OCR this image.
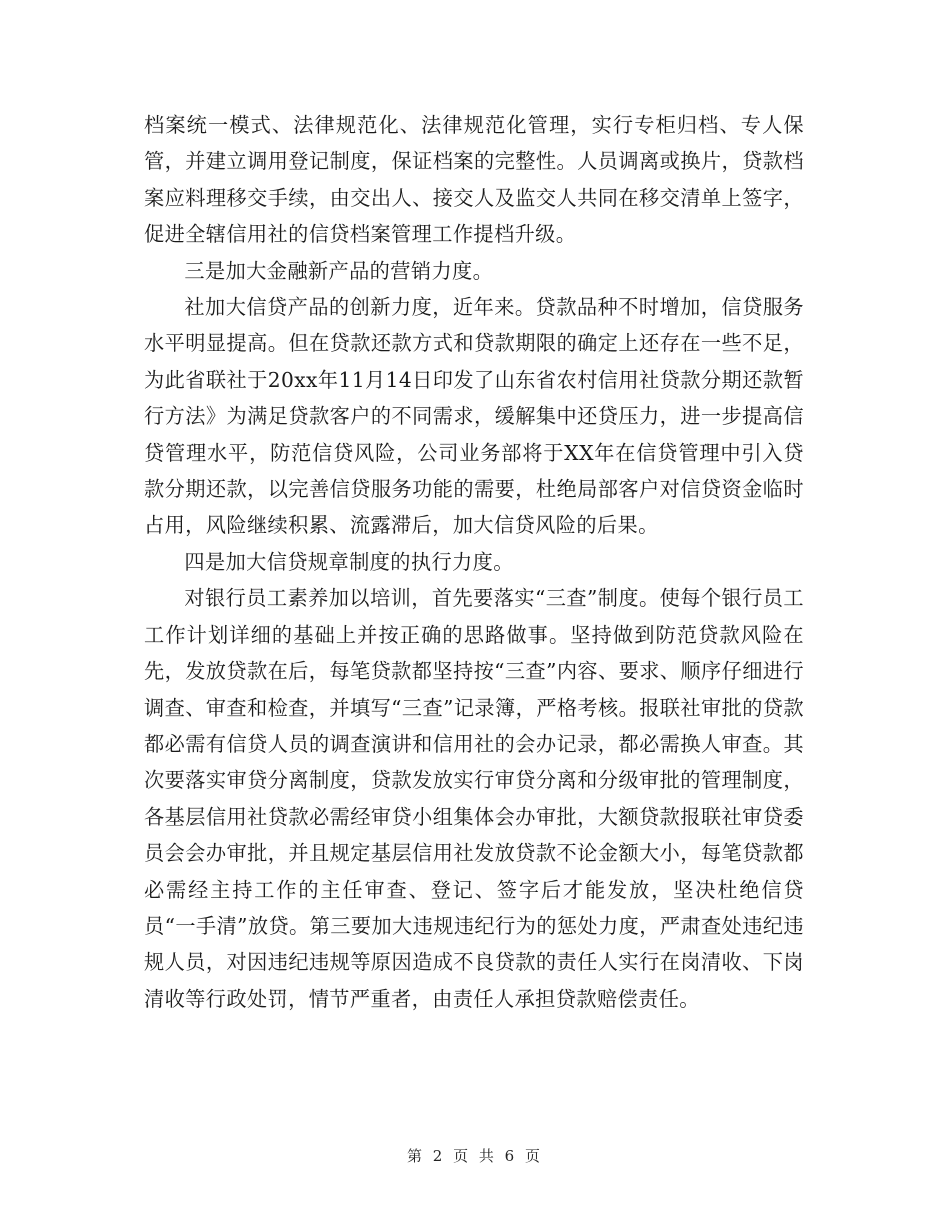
档案统一模式、法律规范化、法律规范化管理，实行专柜归档、专人保管，并建立调用登记制度，保证档案的完整性。人员调离或换片，贷款档案应料理移交手续，由交出人、接交人及监交人共同在移交清单上签字，促进全辖信用社的信贷档案管理工作提档升级。

三是加大金融新产品的营销力度。

社加大信贷产品的创新力度，近年来。贷款品种不时增加，信贷服务水平明显提高。但在贷款还款方式和贷款期限的确定上还存在一些不足，为此省联社于20xx年11月14日印发了山东省农村信用社贷款分期还款暂行方法》为满足贷款客户的不同需求，缓解集中还贷压力，进一步提高信贷管理水平，防范信贷风险，公司业务部将于XX年在信贷管理中引入贷款分期还款，以完善信贷服务功能的需要，杜绝局部客户对信贷资金临时占用，风险继续积累、流露滞后，加大信贷风险的后果。

四是加大信贷规章制度的执行力度。

对银行员工素养加以培训，首先要落实“三查”制度。使每个银行员工工作计划详细的基础上并按正确的思路做事。坚持做到防范贷款风险在先，发放贷款在后，每笔贷款都坚持按“三查”内容、要求、顺序仔细进行调查、审查和检查，并填写“三查”记录簿，严格考核。报联社审批的贷款都必需有信贷人员的调查演讲和信用社的会办记录，都必需换人审查。其次要落实审贷分离制度，贷款发放实行审贷分离和分级审批的管理制度，各基层信用社贷款必需经审贷小组集体会办审批，大额贷款报联社审贷委员会会办审批，并且规定基层信用社发放贷款不论金额大小，每笔贷款都必需经主持工作的主任审查、登记、签字后才能发放，坚决杜绝信贷员“一手清”放贷。第三要加大违规违纪行为的惩处力度，严肃查处违纪违规人员，对因违纪违规等原因造成不良贷款的责任人实行在岗清收、下岗清收等行政处罚，情节严重者，由责任人承担贷款赔偿责任。

第 2 页 共 6 页
